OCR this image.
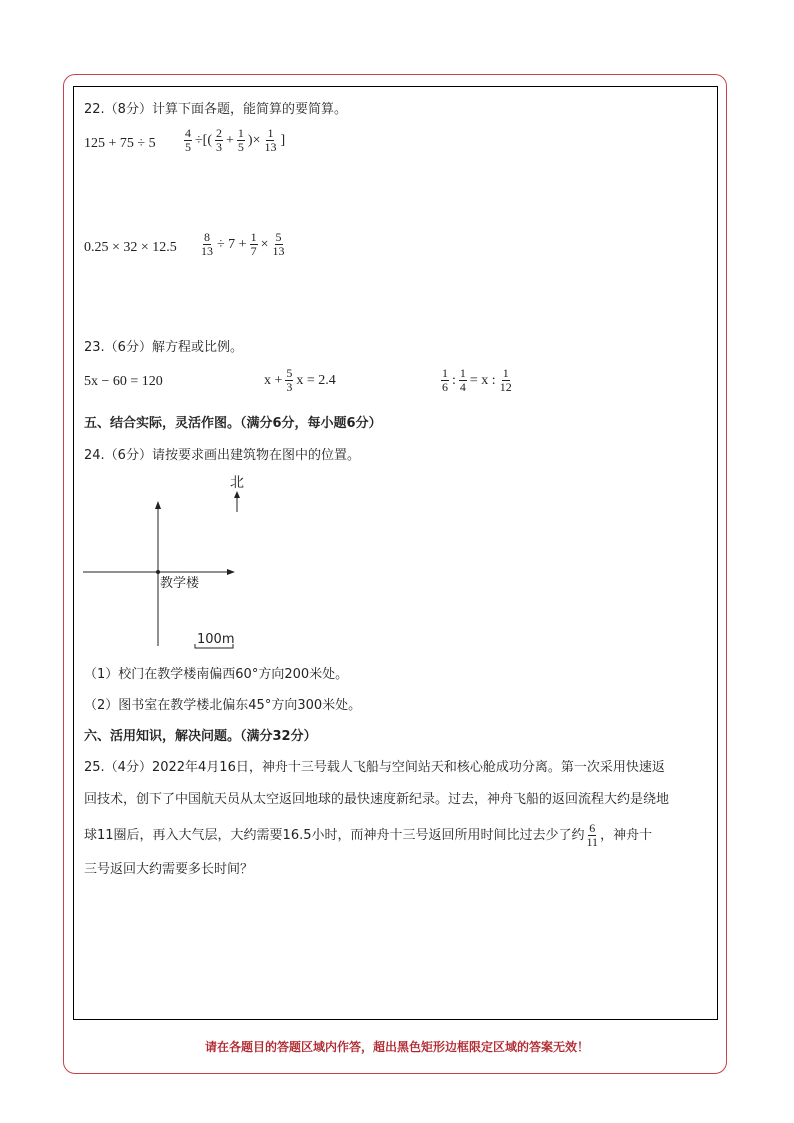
22.（8分）计算下面各题，能简算的要简算。
$125 + 75 \div 5 \frac{4}{5}$ ÷[( $\frac{2}{3} + \frac{1}{5}$ )× $\frac{1}{13}$ ]
$0.25 \times 32 \times 12.5 \frac{8}{13} \div 7 + \frac{1}{7} \times \frac{5}{13}$
23.（6分）解方程或比例。
5x − 60 = 120	$x + \frac{5}{3}$ x = 2.4	$\frac{1}{6}$ : $\frac{1}{4} = x$ : $\frac{1}{12}$
五、结合实际，灵活作图。（满分6分，每小题6分）
24.（6分）请按要求画出建筑物在图中的位置。
北
教学楼
100m
（1）校门在教学楼南偏西60°方向200米处。
（2）图书室在教学楼北偏东45°方向300米处。
六、活用知识，解决问题。（满分32分）
25.（4分）2022年4月16日，神舟十三号载人飞船与空间站天和核心舱成功分离。第一次采用快速返
回技术，创下了中国航天员从太空返回地球的最快速度新纪录。过去，神舟飞船的返回流程大约是绕地
球11圈后，再入大气层，大约需要16.5小时，而神舟十三号返回所用时间比过去少了约 $\frac{6}{11}$ ，神舟十
三号返回大约需要多长时间？
请在各题目的答题区域内作答，超出黑色矩形边框限定区域的答案无效！
